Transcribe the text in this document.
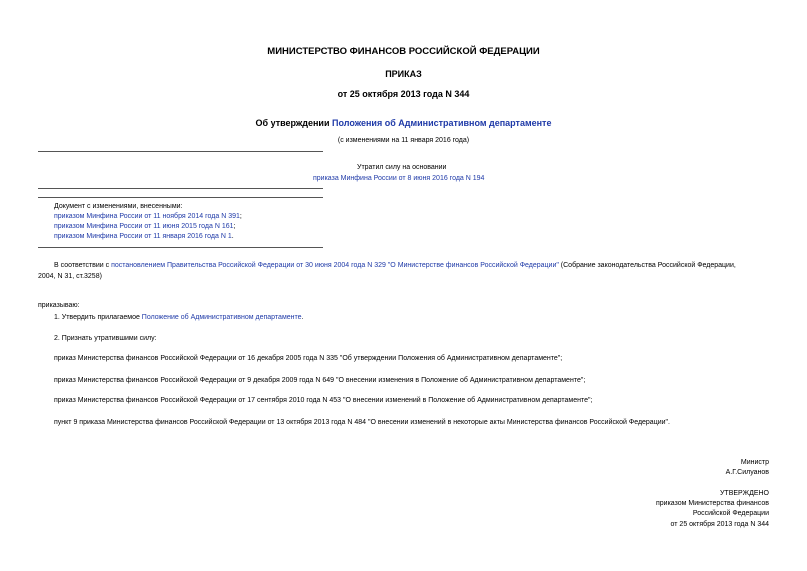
МИНИСТЕРСТВО ФИНАНСОВ РОССИЙСКОЙ ФЕДЕРАЦИИ
ПРИКАЗ
от 25 октября 2013 года N 344
Об утверждении Положения об Административном департаменте
(с изменениями на 11 января 2016 года)
Утратил силу на основании
приказа Минфина России от 8 июня 2016 года N 194
Документ с изменениями, внесенными:
приказом Минфина России от 11 ноября 2014 года N 391;
приказом Минфина России от 11 июня 2015 года N 161;
приказом Минфина России от 11 января 2016 года N 1.
В соответствии с постановлением Правительства Российской Федерации от 30 июня 2004 года N 329 "О Министерстве финансов Российской Федерации" (Собрание законодательства Российской Федерации,
2004, N 31, ст.3258)
приказываю:
1. Утвердить прилагаемое Положение об Административном департаменте.
2. Признать утратившими силу:
приказ Министерства финансов Российской Федерации от 16 декабря 2005 года N 335 "Об утверждении Положения об Административном департаменте";
приказ Министерства финансов Российской Федерации от 9 декабря 2009 года N 649 "О внесении изменения в Положение об Административном департаменте";
приказ Министерства финансов Российской Федерации от 17 сентября 2010 года N 453 "О внесении изменений в Положение об Административном департаменте";
пункт 9 приказа Министерства финансов Российской Федерации от 13 октября 2013 года N 484 "О внесении изменений в некоторые акты Министерства финансов Российской Федерации".
Министр
А.Г.Силуанов
УТВЕРЖДЕНО
приказом Министерства финансов
Российской Федерации
от 25 октября 2013 года N 344
